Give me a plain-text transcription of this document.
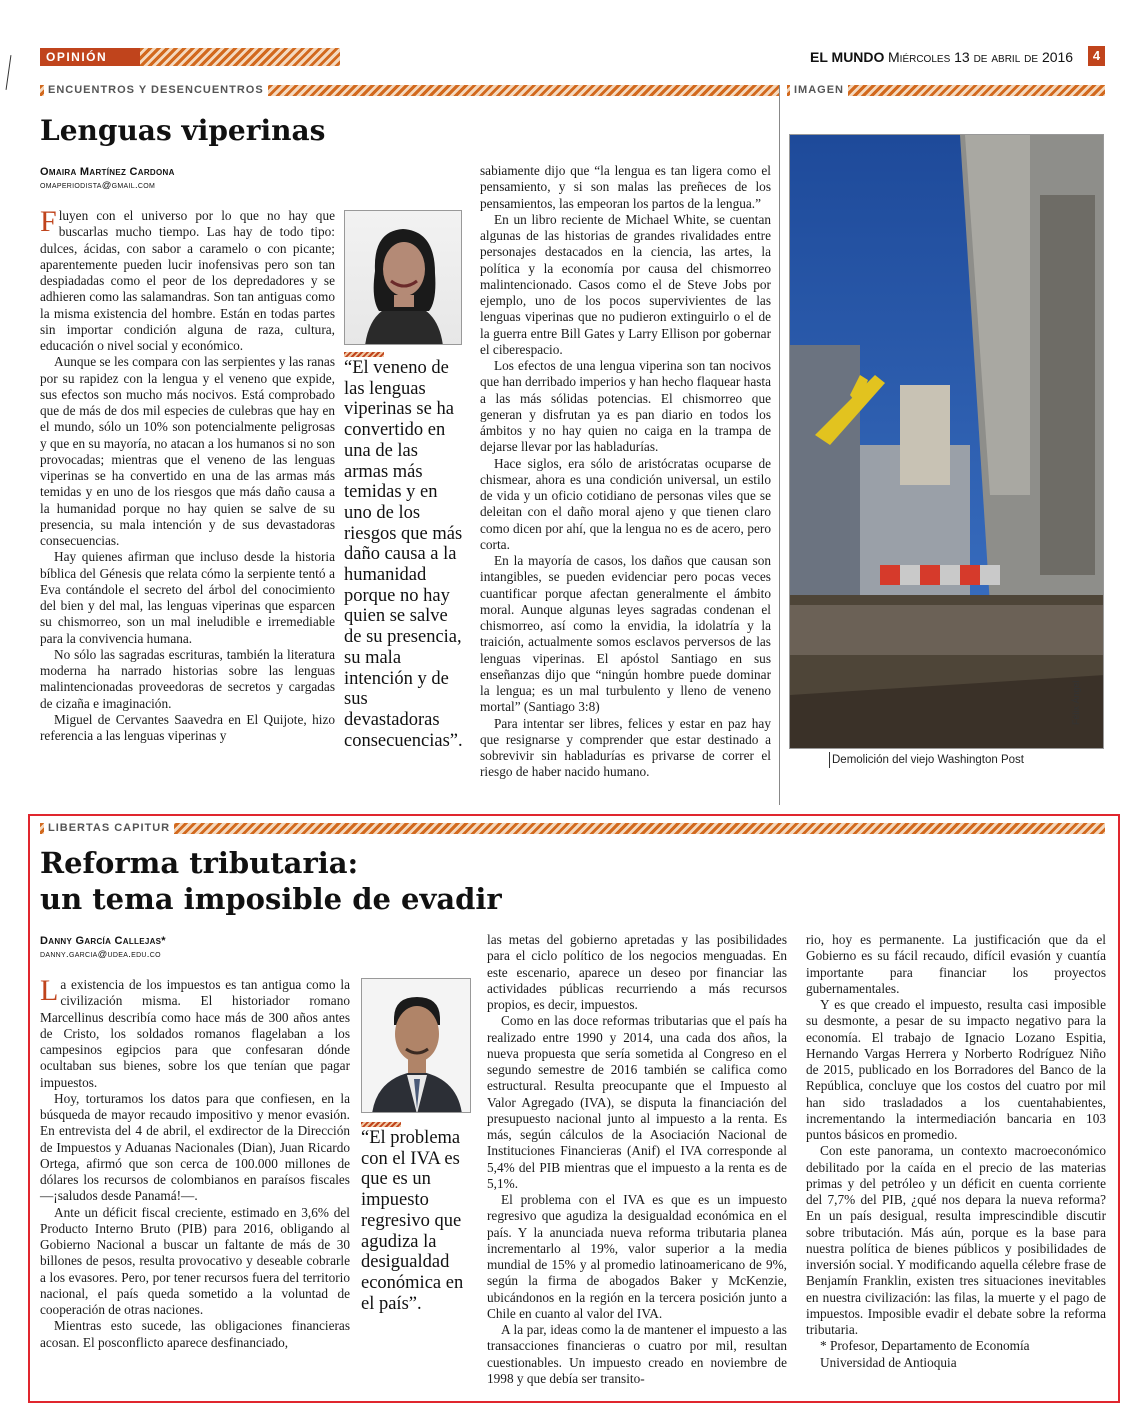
OPINIÓN	EL MUNDO Miércoles 13 de abril de 2016	4
ENCUENTROS Y DESENCUENTROS
Lenguas viperinas
Omaira Martínez Cardona
omaperiodista@gmail.com

Fluyen con el universo por lo que no hay que buscarlas mucho tiempo. Las hay de todo tipo: dulces, ácidas, con sabor a caramelo o con picante; aparentemente pueden lucir inofensivas pero son tan despiadadas como el peor de los depredadores y se adhieren como las salamandras. Son tan antiguas como la misma existencia del hombre. Están en todas partes sin importar condición alguna de raza, cultura, educación o nivel social y económico.

Aunque se les compara con las serpientes y las ranas por su rapidez con la lengua y el veneno que expide, sus efectos son mucho más nocivos. Está comprobado que de más de dos mil especies de culebras que hay en el mundo, sólo un 10% son potencialmente peligrosas y que en su mayoría, no atacan a los humanos si no son provocadas; mientras que el veneno de las lenguas viperinas se ha convertido en una de las armas más temidas y en uno de los riesgos que más daño causa a la humanidad porque no hay quien se salve de su presencia, su mala intención y de sus devastadoras consecuencias.

Hay quienes afirman que incluso desde la historia bíblica del Génesis que relata cómo la serpiente tentó a Eva contándole el secreto del árbol del conocimiento del bien y del mal, las lenguas viperinas que esparcen su chismorreo, son un mal ineludible e irremediable para la convivencia humana.

No sólo las sagradas escrituras, también la literatura moderna ha narrado historias sobre las lenguas malintencionadas proveedoras de secretos y cargadas de cizaña e imaginación.

Miguel de Cervantes Saavedra en El Quijote, hizo referencia a las lenguas viperinas y

“El veneno de las lenguas viperinas se ha convertido en una de las armas más temidas y en uno de los riesgos que más daño causa a la humanidad porque no hay quien se salve de su presencia, su mala intención y de sus devastadoras consecuencias”.

sabiamente dijo que “la lengua es tan ligera como el pensamiento, y si son malas las preñeces de los pensamientos, las empeoran los partos de la lengua.”

En un libro reciente de Michael White, se cuentan algunas de las historias de grandes rivalidades entre personajes destacados en la ciencia, las artes, la política y la economía por causa del chismorreo malintencionado. Casos como el de Steve Jobs por ejemplo, uno de los pocos supervivientes de las lenguas viperinas que no pudieron extinguirlo o el de la guerra entre Bill Gates y Larry Ellison por gobernar el ciberespacio.

Los efectos de una lengua viperina son tan nocivos que han derribado imperios y han hecho flaquear hasta a las más sólidas potencias. El chismorreo que generan y disfrutan ya es pan diario en todos los ámbitos y no hay quien no caiga en la trampa de dejarse llevar por las habladurías.

Hace siglos, era sólo de aristócratas ocuparse de chismear, ahora es una condición universal, un estilo de vida y un oficio cotidiano de personas viles que se deleitan con el daño moral ajeno y que tienen claro como dicen por ahí, que la lengua no es de acero, pero corta.

En la mayoría de casos, los daños que causan son intangibles, se pueden evidenciar pero pocas veces cuantificar porque afectan generalmente el ámbito moral. Aunque algunas leyes sagradas condenan el chismorreo, así como la envidia, la idolatría y la traición, actualmente somos esclavos perversos de las lenguas viperinas. El apóstol Santiago en sus enseñanzas dijo que “ningún hombre puede dominar la lengua; es un mal turbulento y lleno de veneno mortal” (Santiago 3:8)

Para intentar ser libres, felices y estar en paz hay que resignarse y comprender que estar destinado a sobrevivir sin habladurías es privarse de correr el riesgo de haber nacido humano.

IMAGEN
Félix Ángel
Demolición del viejo Washington Post
LIBERTAS CAPITUR
Reforma tributaria:
un tema imposible de evadir
Danny García Callejas*
danny.garcia@udea.edu.co

La existencia de los impuestos es tan antigua como la civilización misma. El historiador romano Marcellinus describía como hace más de 300 años antes de Cristo, los soldados romanos flagelaban a los campesinos egipcios para que confesaran dónde ocultaban sus bienes, sobre los que tenían que pagar impuestos.

Hoy, torturamos los datos para que confiesen, en la búsqueda de mayor recaudo impositivo y menor evasión. En entrevista del 4 de abril, el exdirector de la Dirección de Impuestos y Aduanas Nacionales (Dian), Juan Ricardo Ortega, afirmó que son cerca de 100.000 millones de dólares los recursos de colombianos en paraísos fiscales —¡saludos desde Panamá!—.

Ante un déficit fiscal creciente, estimado en 3,6% del Producto Interno Bruto (PIB) para 2016, obligando al Gobierno Nacional a buscar un faltante de más de 30 billones de pesos, resulta provocativo y deseable cobrarle a los evasores. Pero, por tener recursos fuera del territorio nacional, el país queda sometido a la voluntad de cooperación de otras naciones.

Mientras esto sucede, las obligaciones financieras acosan. El posconflicto aparece desfinanciado,

“El problema con el IVA es que es un impuesto regresivo que agudiza la desigualdad económica en el país”.

las metas del gobierno apretadas y las posibilidades para el ciclo político de los negocios menguadas. En este escenario, aparece un deseo por financiar las actividades públicas recurriendo a más recursos propios, es decir, impuestos.

Como en las doce reformas tributarias que el país ha realizado entre 1990 y 2014, una cada dos años, la nueva propuesta que sería sometida al Congreso en el segundo semestre de 2016 también se califica como estructural. Resulta preocupante que el Impuesto al Valor Agregado (IVA), se disputa la financiación del presupuesto nacional junto al impuesto a la renta. Es más, según cálculos de la Asociación Nacional de Instituciones Financieras (Anif) el IVA corresponde al 5,4% del PIB mientras que el impuesto a la renta es de 5,1%.

El problema con el IVA es que es un impuesto regresivo que agudiza la desigualdad económica en el país. Y la anunciada nueva reforma tributaria planea incrementarlo al 19%, valor superior a la media mundial de 15% y al promedio latinoamericano de 9%, según la firma de abogados Baker y McKenzie, ubicándonos en la región en la tercera posición junto a Chile en cuanto al valor del IVA.

A la par, ideas como la de mantener el impuesto a las transacciones financieras o cuatro por mil, resultan cuestionables. Un impuesto creado en noviembre de 1998 y que debía ser transito-

rio, hoy es permanente. La justificación que da el Gobierno es su fácil recaudo, difícil evasión y cuantía importante para financiar los proyectos gubernamentales.

Y es que creado el impuesto, resulta casi imposible su desmonte, a pesar de su impacto negativo para la economía. El trabajo de Ignacio Lozano Espitia, Hernando Vargas Herrera y Norberto Rodríguez Niño de 2015, publicado en los Borradores del Banco de la República, concluye que los costos del cuatro por mil han sido trasladados a los cuentahabientes, incrementando la intermediación bancaria en 103 puntos básicos en promedio.

Con este panorama, un contexto macroeconómico debilitado por la caída en el precio de las materias primas y del petróleo y un déficit en cuenta corriente del 7,7% del PIB, ¿qué nos depara la nueva reforma? En un país desigual, resulta imprescindible discutir sobre tributación. Más aún, porque es la base para nuestra política de bienes públicos y posibilidades de inversión social. Y modificando aquella célebre frase de Benjamín Franklin, existen tres situaciones inevitables en nuestra civilización: las filas, la muerte y el pago de impuestos. Imposible evadir el debate sobre la reforma tributaria.

* Profesor, Departamento de Economía

Universidad de Antioquia
